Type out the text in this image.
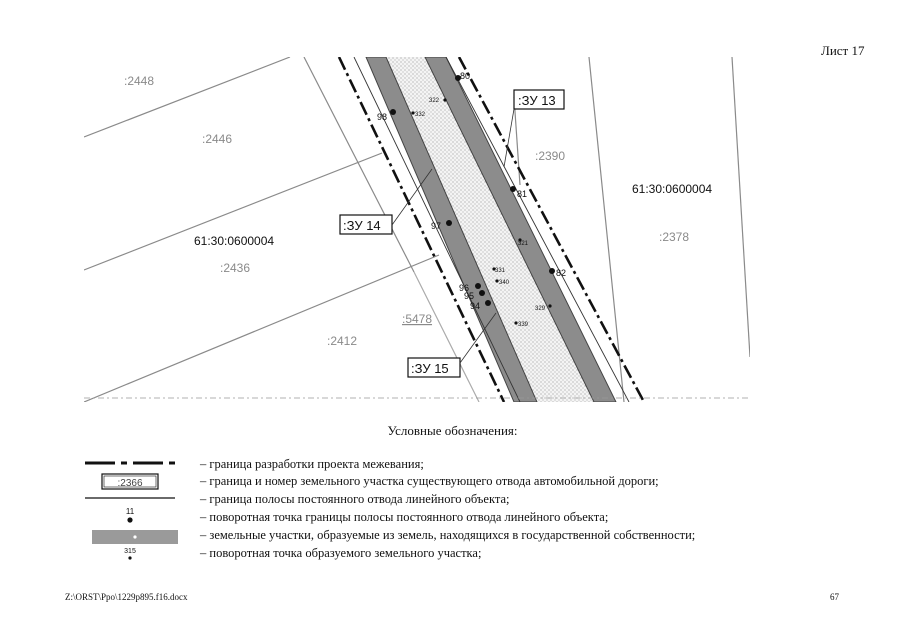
Лист 17
:2448
:2446
:2436
:2412
:2390
:2378
:5478
61:30:0600004
61:30:0600004
:ЗУ 13
:ЗУ 14
:ЗУ 15
80
98
81
97
82
96
95
94
322
332
321
331
340
329
339
Условные обозначения:
:2366
11
315
– граница разработки проекта межевания;
– граница и номер земельного участка существующего отвода автомобильной дороги;
– граница полосы постоянного отвода линейного объекта;
– поворотная точка границы полосы постоянного отвода линейного объекта;
– земельные участки, образуемые из земель, находящихся в государственной собственности;
– поворотная точка образуемого земельного участка;
Z:\ORST\Ppo\1229p895.f16.docx	67
